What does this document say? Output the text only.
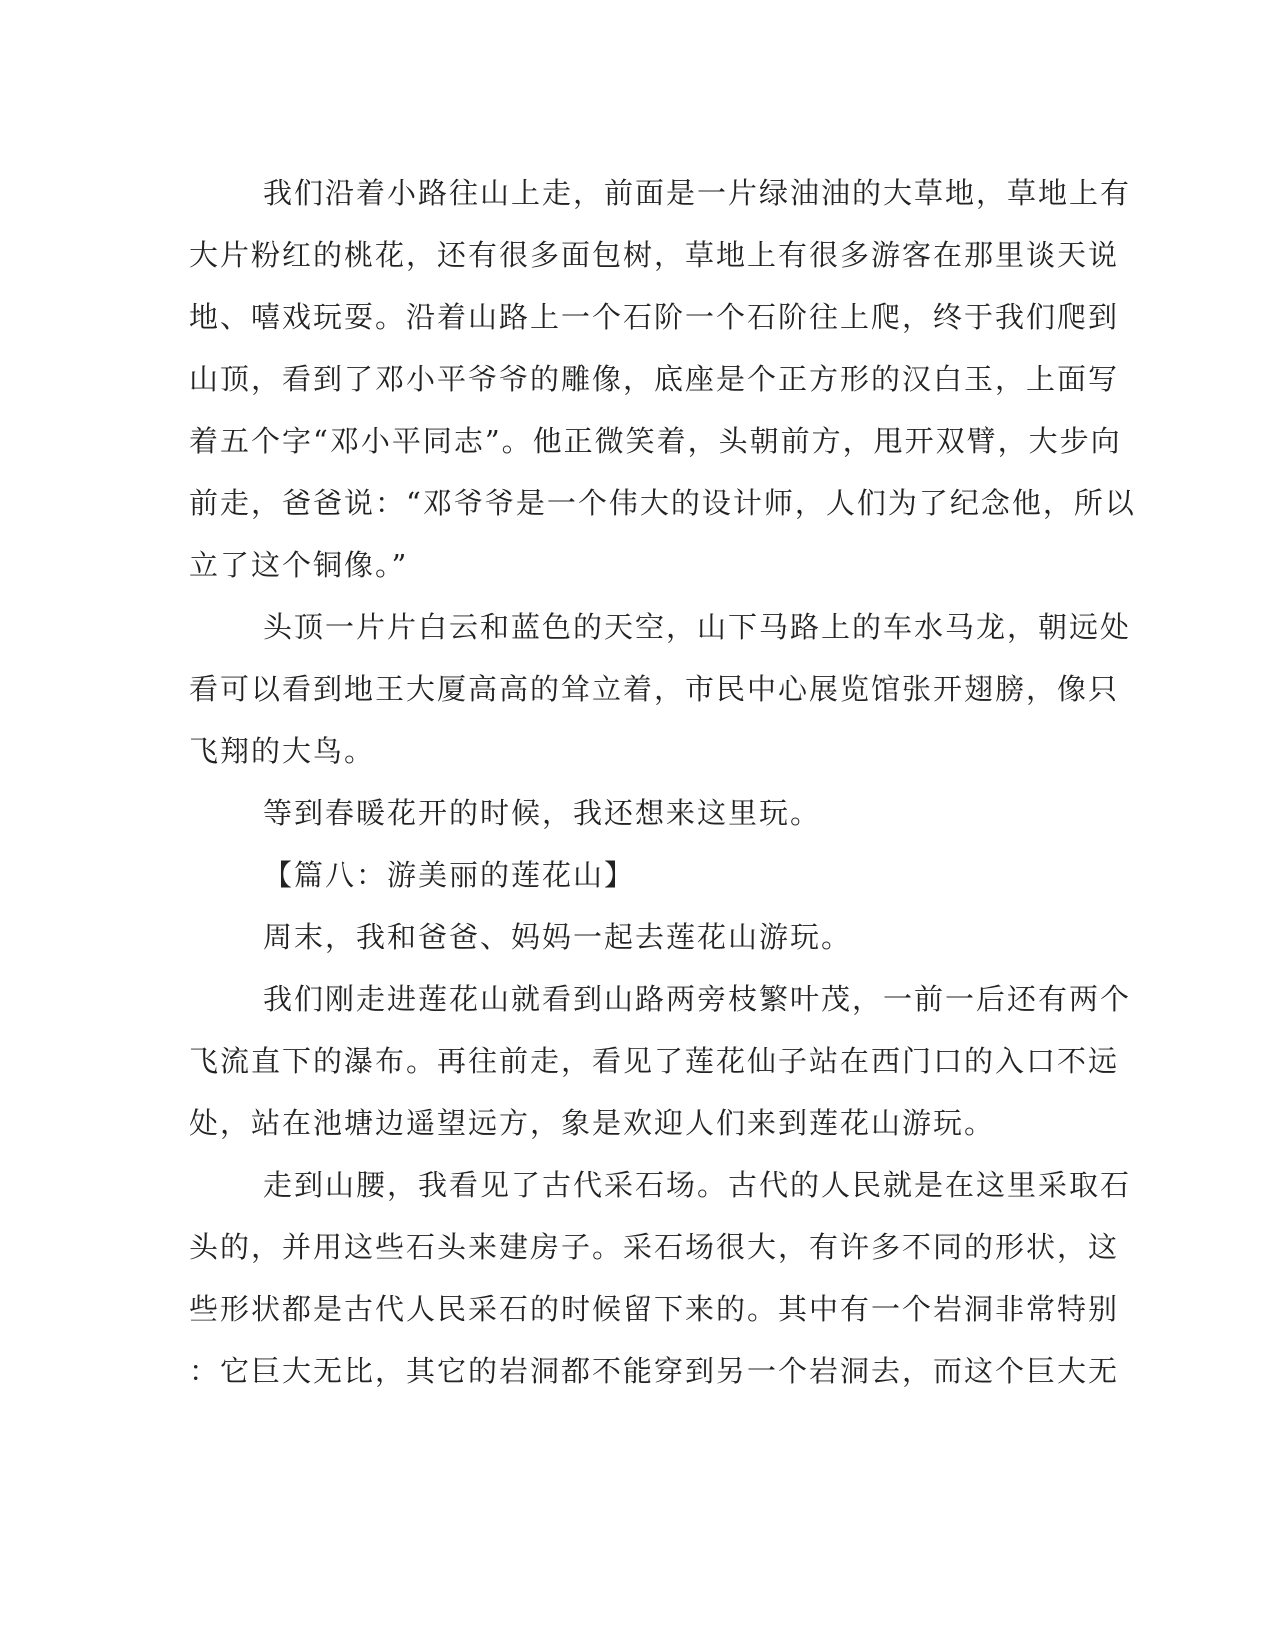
我们沿着小路往山上走，前面是一片绿油油的大草地，草地上有
大片粉红的桃花，还有很多面包树，草地上有很多游客在那里谈天说
地、嘻戏玩耍。沿着山路上一个石阶一个石阶往上爬，终于我们爬到
山顶，看到了邓小平爷爷的雕像，底座是个正方形的汉白玉，上面写
着五个字“邓小平同志”。他正微笑着，头朝前方，甩开双臂，大步向
前走，爸爸说：“邓爷爷是一个伟大的设计师，人们为了纪念他，所以
立了这个铜像。”
头顶一片片白云和蓝色的天空，山下马路上的车水马龙，朝远处
看可以看到地王大厦高高的耸立着，市民中心展览馆张开翅膀，像只
飞翔的大鸟。
等到春暖花开的时候，我还想来这里玩。
【篇八：游美丽的莲花山】
周末，我和爸爸、妈妈一起去莲花山游玩。
我们刚走进莲花山就看到山路两旁枝繁叶茂，一前一后还有两个
飞流直下的瀑布。再往前走，看见了莲花仙子站在西门口的入口不远
处，站在池塘边遥望远方，象是欢迎人们来到莲花山游玩。
走到山腰，我看见了古代采石场。古代的人民就是在这里采取石
头的，并用这些石头来建房子。采石场很大，有许多不同的形状，这
些形状都是古代人民采石的时候留下来的。其中有一个岩洞非常特别
：它巨大无比，其它的岩洞都不能穿到另一个岩洞去，而这个巨大无
